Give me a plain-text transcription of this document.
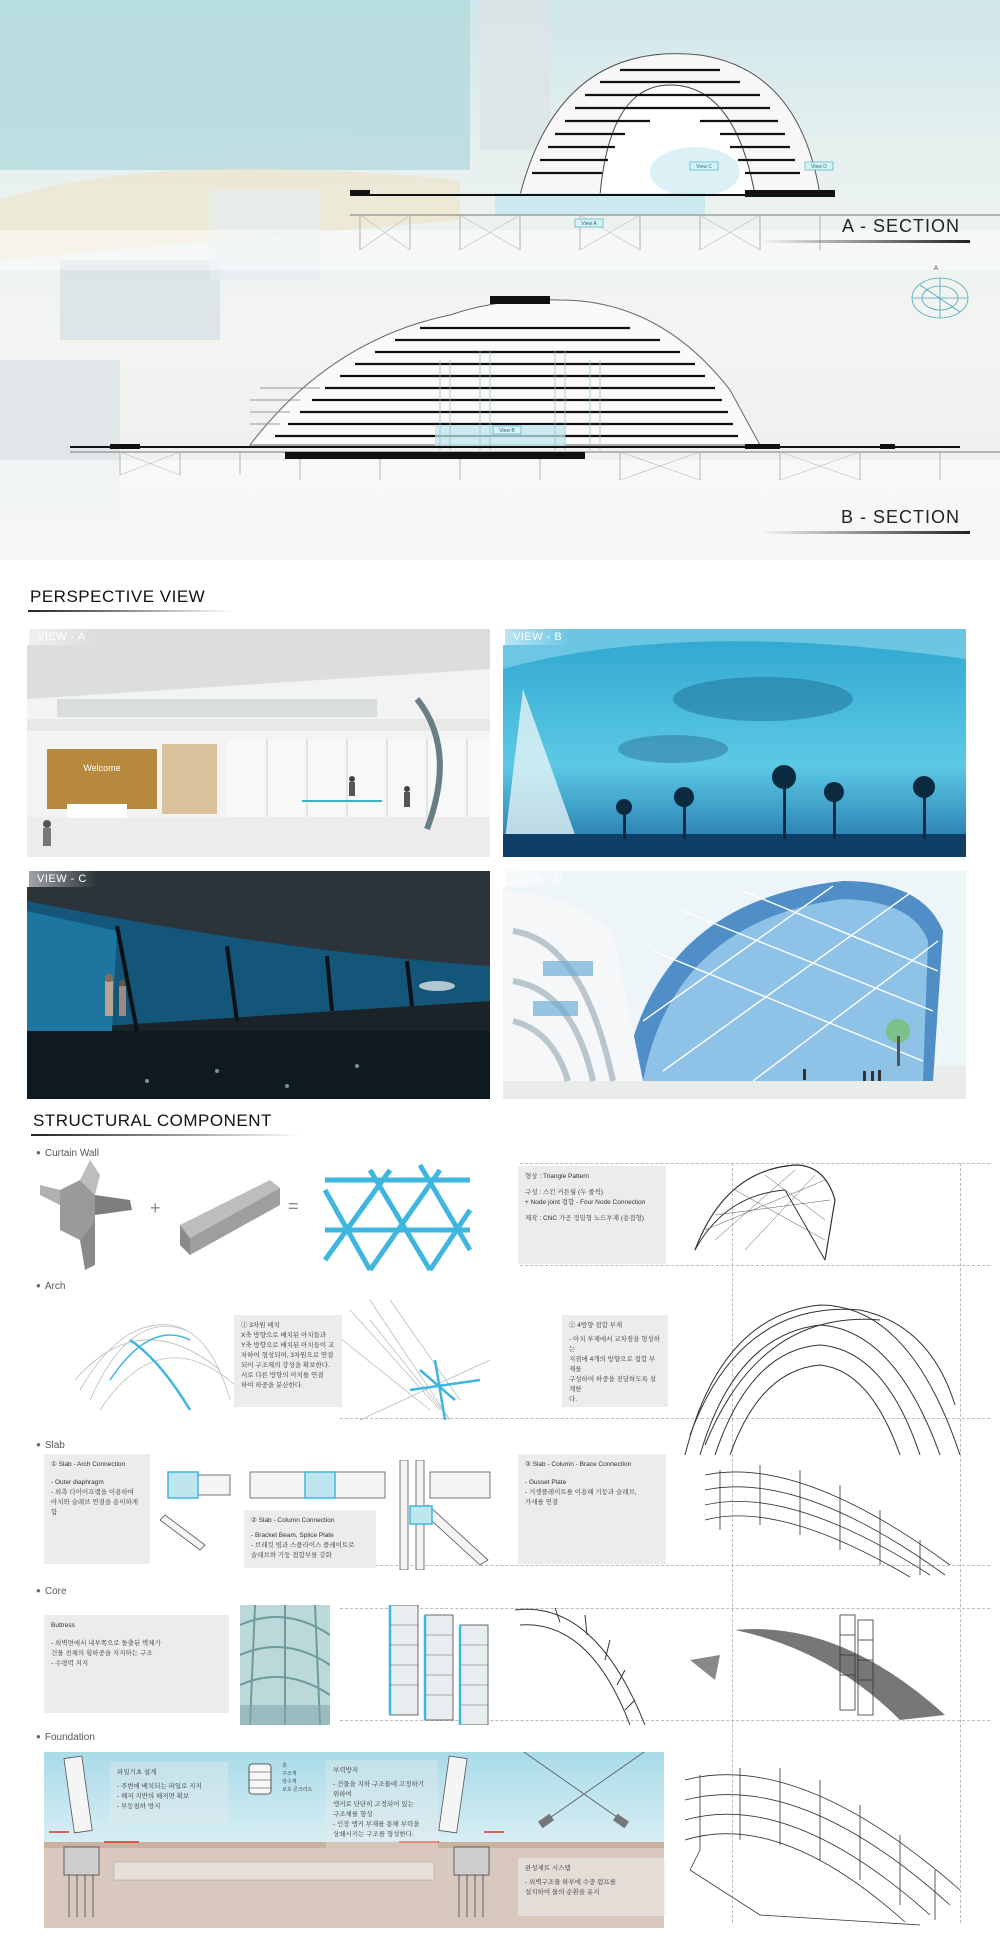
View C	View D
View A
A
View B
A - SECTION
B - SECTION
PERSPECTIVE VIEW
Welcome
VIEW - A	VIEW - B
VIEW - C	VIEW - D
STRUCTURAL COMPONENT
● Curtain Wall
● Arch
● Slab
● Core
● Foundation
+	=
형상 : Triangle Pattern
구성 : 스킨 커튼월 (두 줄씩)
+ Node joint 접합 - Four Node Connection
제작 : CNC 가공 정밀형 노드부재 (용접형)
① 3차원 배치
X축 방향으로 배치된 아치들과
Y축 방향으로 배치된 아치들이 교
차하여 형성되며, 3차원으로 연결
되어 구조체의 강성을 확보한다.
서로 다른 방향의 아치를 연결
하여 하중을 분산한다.
② 4방향 접합 부재
- 아치 부재에서 교차점을 형성하는
지점에 4개의 방향으로 접합 부재를
구성하여 하중을 전달하도록 설계한
다.
① Slab - Arch Connection
- Outer diaphragm
- 외측 다이어프램을 이용하여
아치와 슬래브 연결을 용이하게 함
② Slab - Column Connection
- Bracket Beam, Splice Plate
- 브래킷 빔과 스플라이스 플레이트로
슬래브와 기둥 접합부를 강화
③ Slab - Column - Brace Connection
- Gusset Plate
- 거셋플레이트를 이용해 기둥과 슬래브,
가새를 연결
Buttress
- 외벽면에서 내부쪽으로 돌출된 벽체가
건물 전체의 횡하중을 지지하는 구조
- 수평력 지지
파일기초 설계
- 주변에 배치되는 파일로 지지
- 해저 지반의 해저면 확보
- 부등침하 방지
층
구조재
방수재
보호 콘크리트
부력방지
- 건물을 지하 구조물에 고정하기 위하여
앵커로 단단히 고정되어 있는
구조체를 형성
- 인장 앵커 부재를 통해 부력을
상쇄시키는 구조를 형성한다.
완성제트 시스템
- 외벽구조물 하부에 수중 펌프를
설치하여 물의 순환을 유지
